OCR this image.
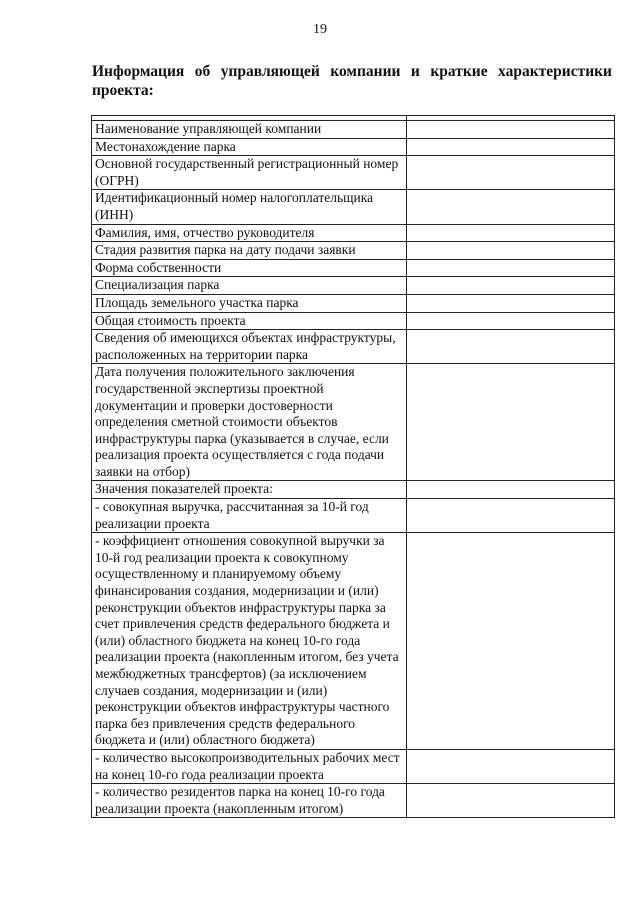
19
Информация об управляющей компании и краткие характеристики
проекта:

Наименование управляющей компании	
Местонахождение парка	
Основной государственный регистрационный номер (ОГРН)	
Идентификационный номер налогоплательщика (ИНН)	
Фамилия, имя, отчество руководителя	
Стадия развития парка на дату подачи заявки	
Форма собственности	
Специализация парка	
Площадь земельного участка парка	
Общая стоимость проекта	
Сведения об имеющихся объектах инфраструктуры, расположенных на территории парка	
Дата получения положительного заключения государственной экспертизы проектной документации и проверки достоверности определения сметной стоимости объектов инфраструктуры парка (указывается в случае, если реализация проекта осуществляется с года подачи заявки на отбор)	
Значения показателей проекта:	
- совокупная выручка, рассчитанная за 10-й год реализации проекта	
- коэффициент отношения совокупной выручки за 10-й год реализации проекта к совокупному осуществленному и планируемому объему финансирования создания, модернизации и (или) реконструкции объектов инфраструктуры парка за счет привлечения средств федерального бюджета и (или) областного бюджета на конец 10-го года реализации проекта (накопленным итогом, без учета межбюджетных трансфертов) (за исключением случаев создания, модернизации и (или) реконструкции объектов инфраструктуры частного парка без привлечения средств федерального бюджета и (или) областного бюджета)	
- количество высокопроизводительных рабочих мест на конец 10-го года реализации проекта	
- количество резидентов парка на конец 10-го года реализации проекта (накопленным итогом)	
